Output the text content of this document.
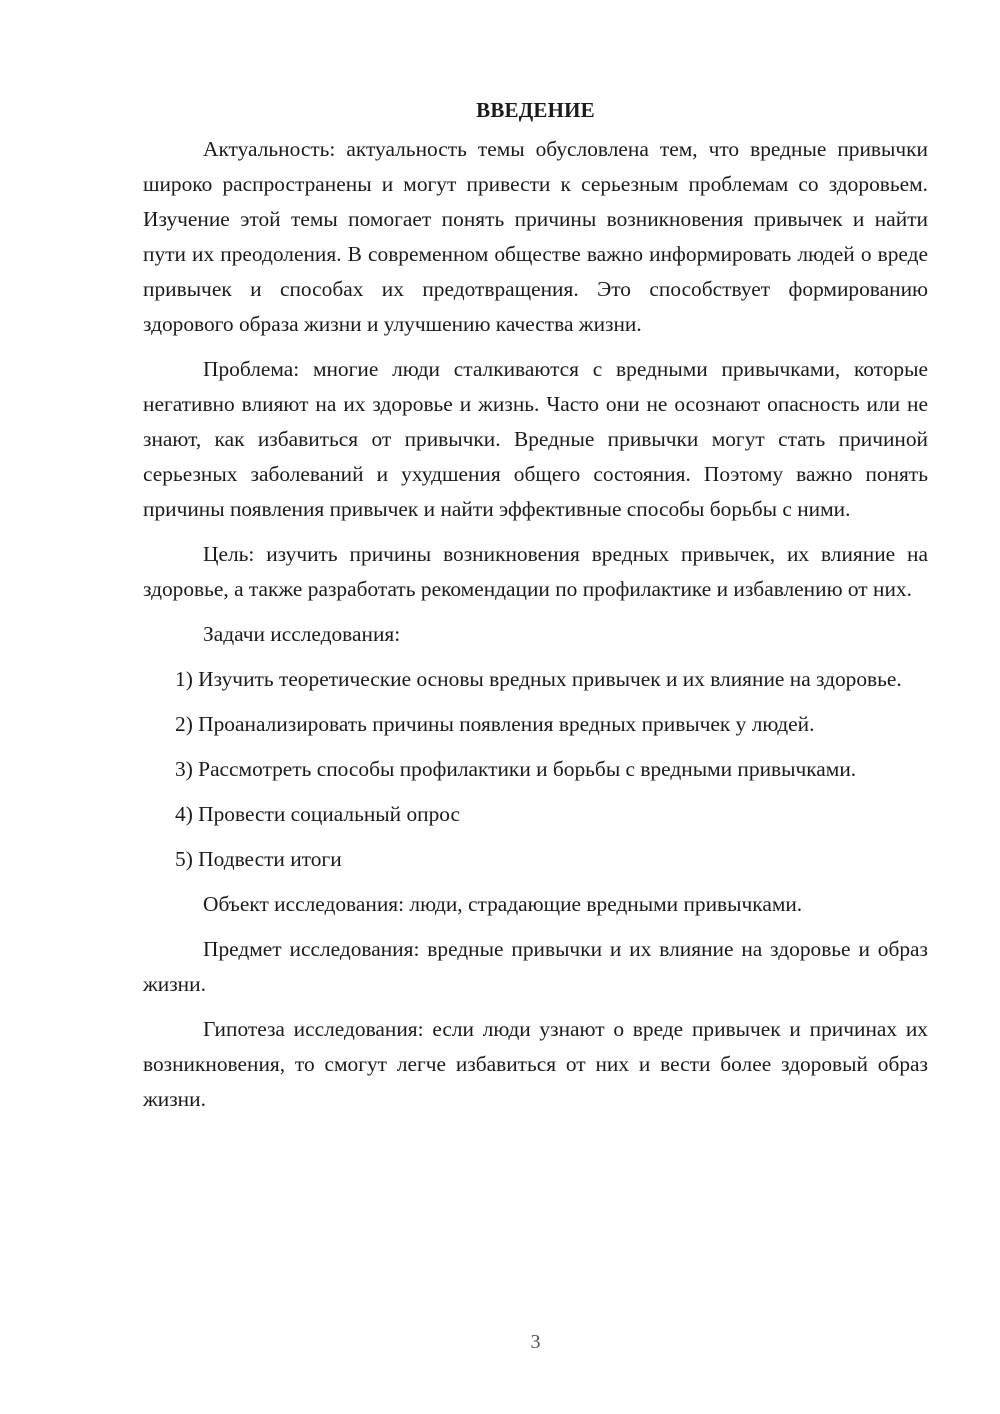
ВВЕДЕНИЕ

Актуальность: актуальность темы обусловлена тем, что вредные привычки широко распространены и могут привести к серьезным проблемам со здоровьем. Изучение этой темы помогает понять причины возникновения привычек и найти пути их преодоления. В современном обществе важно информировать людей о вреде привычек и способах их предотвращения. Это способствует формированию здорового образа жизни и улучшению качества жизни.

Проблема: многие люди сталкиваются с вредными привычками, которые негативно влияют на их здоровье и жизнь. Часто они не осознают опасность или не знают, как избавиться от привычки. Вредные привычки могут стать причиной серьезных заболеваний и ухудшения общего состояния. Поэтому важно понять причины появления привычек и найти эффективные способы борьбы с ними.

Цель: изучить причины возникновения вредных привычек, их влияние на здоровье, а также разработать рекомендации по профилактике и избавлению от них.

Задачи исследования:

1) Изучить теоретические основы вредных привычек и их влияние на здоровье.

2) Проанализировать причины появления вредных привычек у людей.

3) Рассмотреть способы профилактики и борьбы с вредными привычками.

4) Провести социальный опрос

5) Подвести итоги

Объект исследования: люди, страдающие вредными привычками.

Предмет исследования: вредные привычки и их влияние на здоровье и образ жизни.

Гипотеза исследования: если люди узнают о вреде привычек и причинах их возникновения, то смогут легче избавиться от них и вести более здоровый образ жизни.

3
